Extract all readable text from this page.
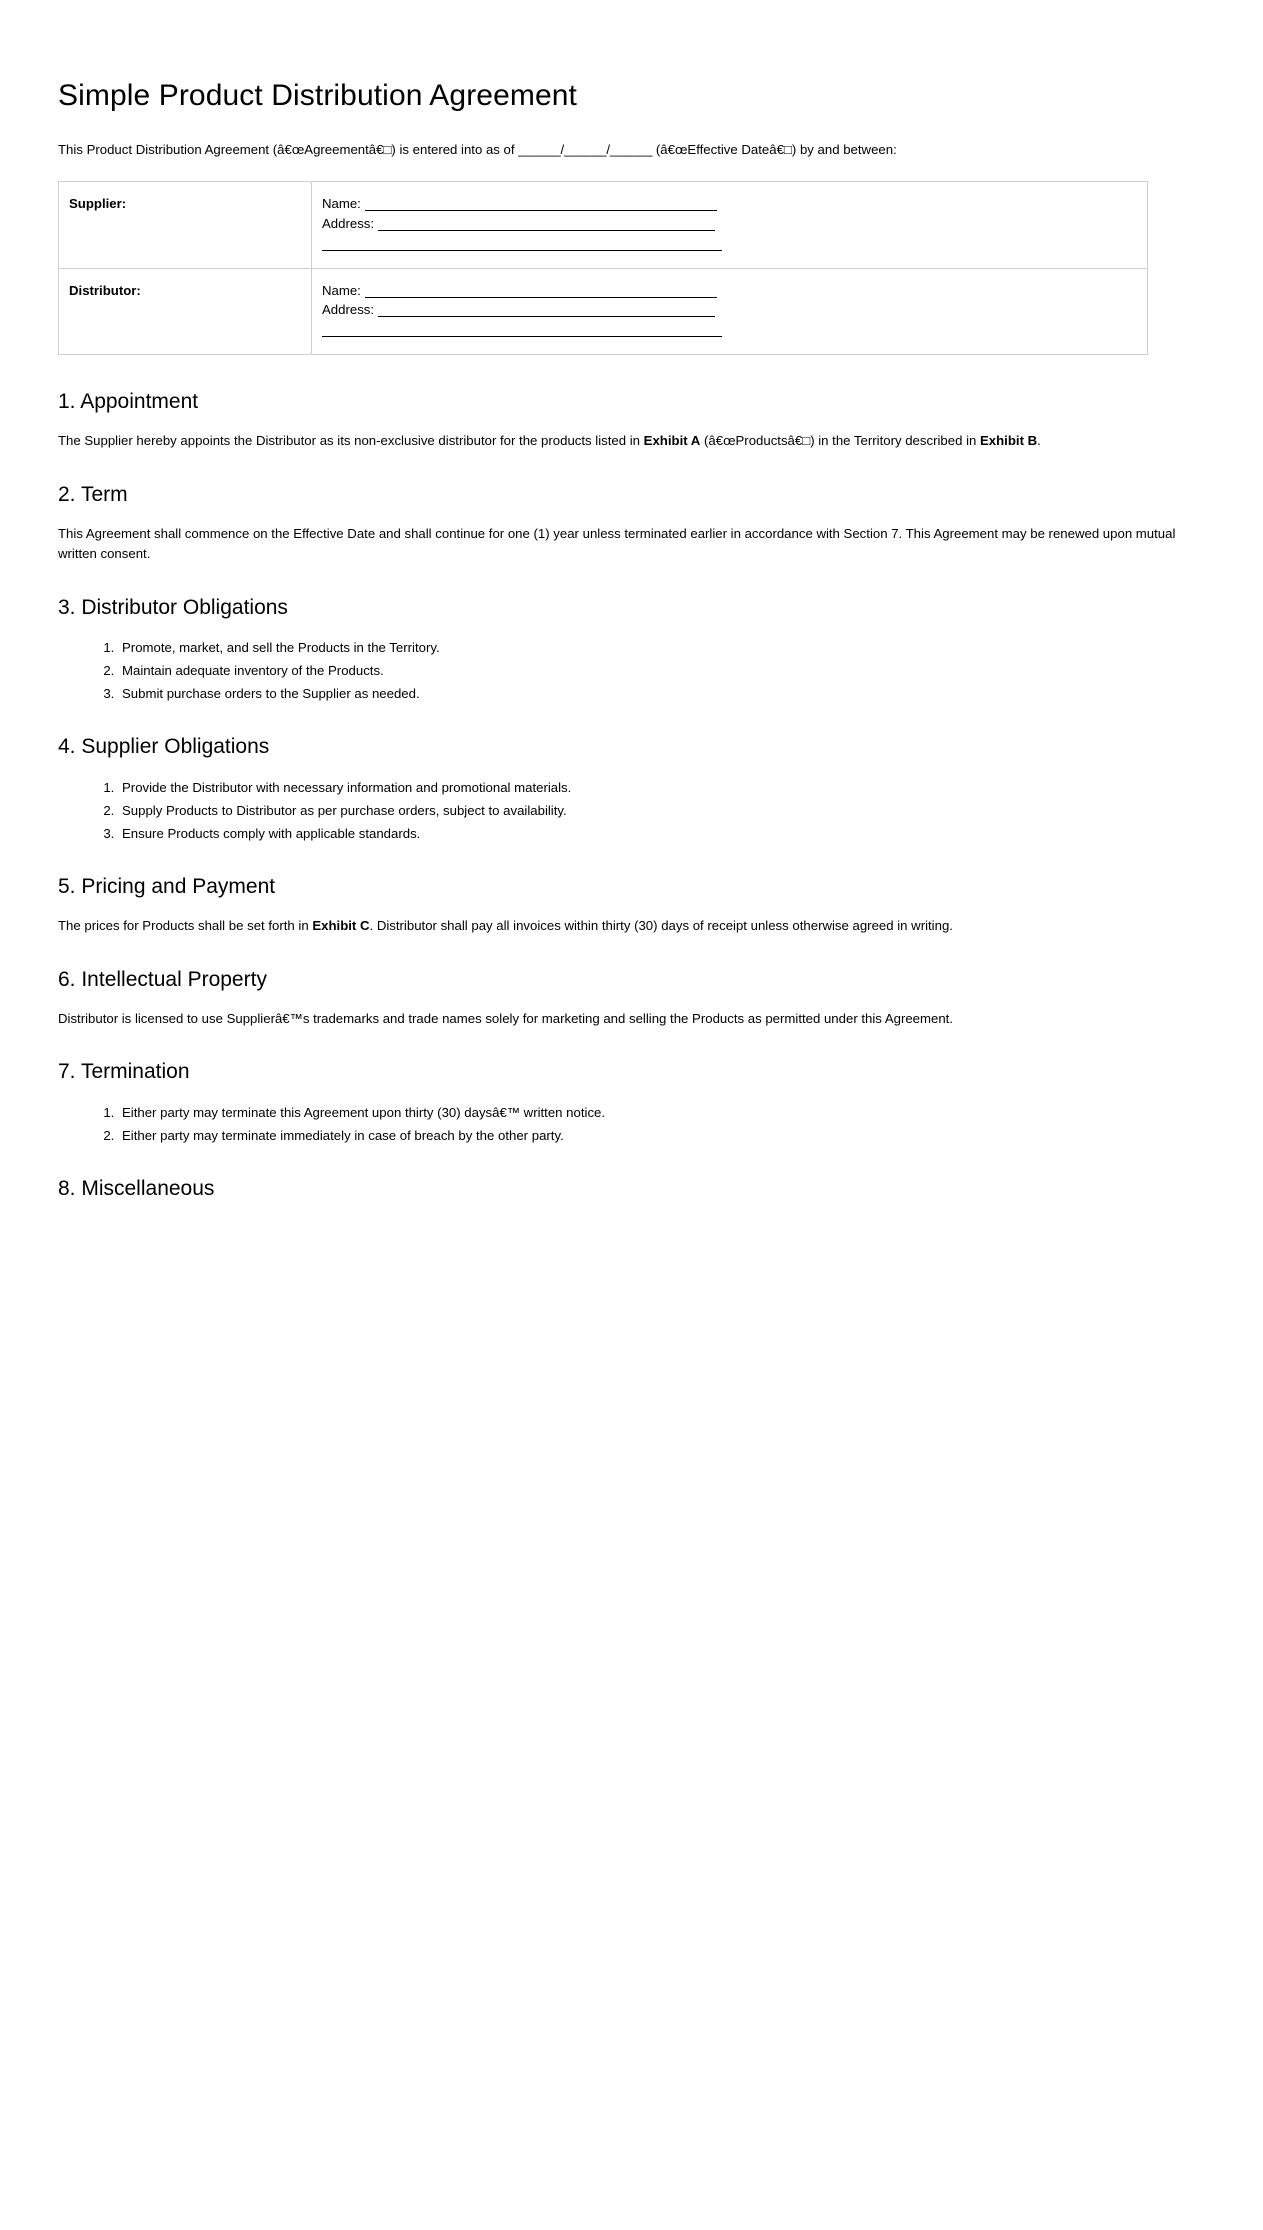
Simple Product Distribution Agreement

This Product Distribution Agreement (â€œAgreementâ€□) is entered into as of ______/______/______ (â€œEffective Dateâ€□) by and between:

Supplier:	Name:
Address:

Distributor:	Name:
Address:
1. Appointment

The Supplier hereby appoints the Distributor as its non-exclusive distributor for the products listed in Exhibit A (â€œProductsâ€□) in the Territory described in Exhibit B.

2. Term

This Agreement shall commence on the Effective Date and shall continue for one (1) year unless terminated earlier in accordance with Section 7. This Agreement may be renewed upon mutual written consent.

3. Distributor Obligations
1. Promote, market, and sell the Products in the Territory.
2. Maintain adequate inventory of the Products.
3. Submit purchase orders to the Supplier as needed.
4. Supplier Obligations
1. Provide the Distributor with necessary information and promotional materials.
2. Supply Products to Distributor as per purchase orders, subject to availability.
3. Ensure Products comply with applicable standards.
5. Pricing and Payment

The prices for Products shall be set forth in Exhibit C. Distributor shall pay all invoices within thirty (30) days of receipt unless otherwise agreed in writing.

6. Intellectual Property

Distributor is licensed to use Supplierâ€™s trademarks and trade names solely for marketing and selling the Products as permitted under this Agreement.

7. Termination
1. Either party may terminate this Agreement upon thirty (30) daysâ€™ written notice.
2. Either party may terminate immediately in case of breach by the other party.
8. Miscellaneous
